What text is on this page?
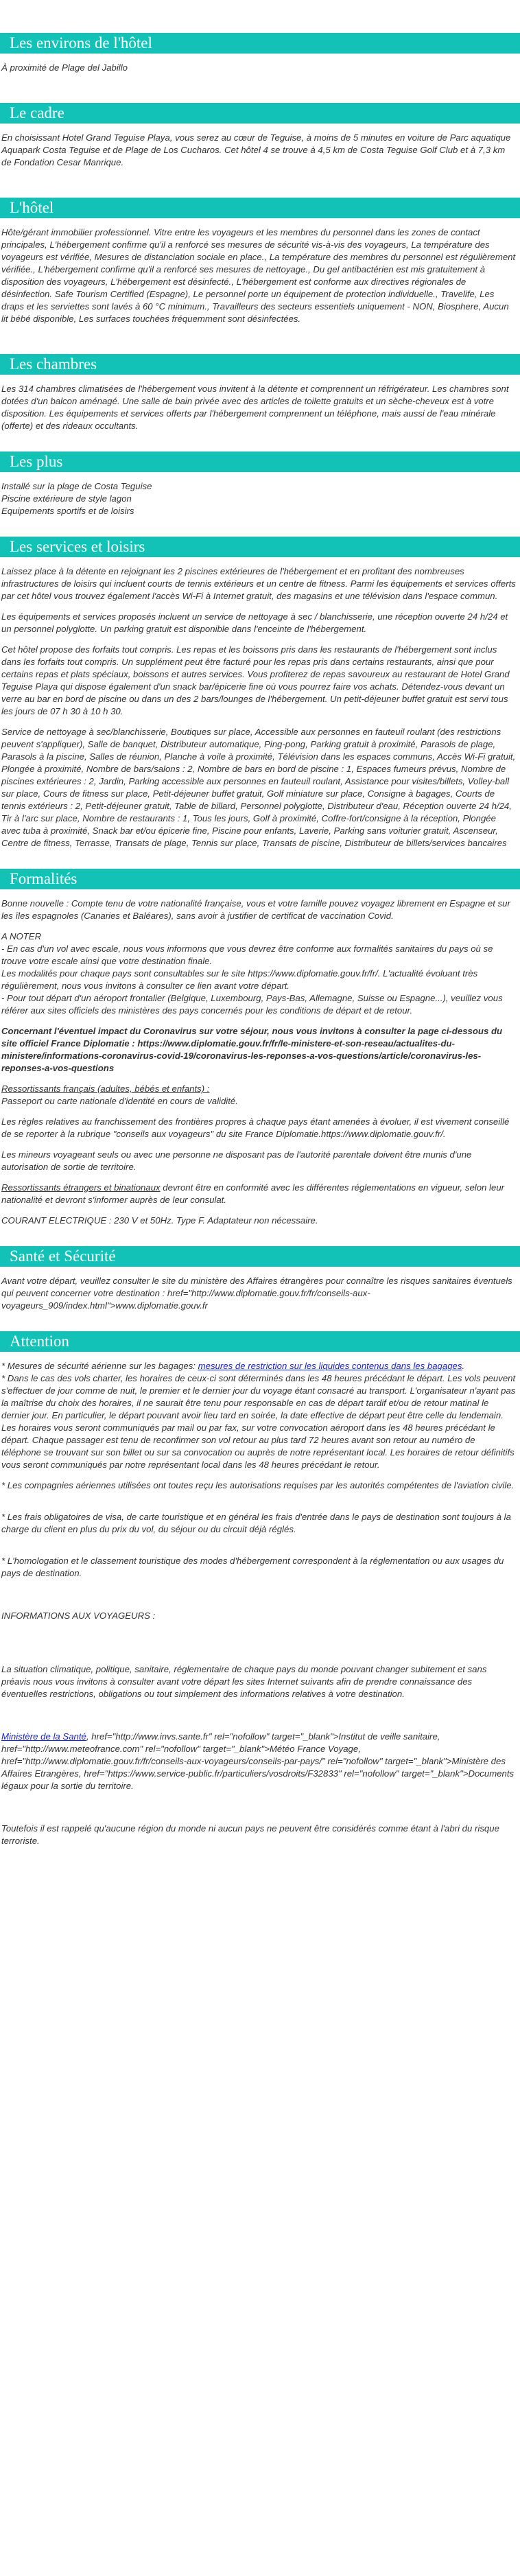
Les environs de l'hôtel

À proximité de Plage del Jabillo

Le cadre

En choisissant Hotel Grand Teguise Playa, vous serez au cœur de Teguise, à moins de 5 minutes en voiture de Parc aquatique Aquapark Costa Teguise et de Plage de Los Cucharos. Cet hôtel 4 se trouve à 4,5 km de Costa Teguise Golf Club et à 7,3 km de Fondation Cesar Manrique.

L'hôtel

Hôte/gérant immobilier professionnel. Vitre entre les voyageurs et les membres du personnel dans les zones de contact principales, L'hébergement confirme qu'il a renforcé ses mesures de sécurité vis-à-vis des voyageurs, La température des voyageurs est vérifiée, Mesures de distanciation sociale en place., La température des membres du personnel est régulièrement vérifiée., L'hébergement confirme qu'il a renforcé ses mesures de nettoyage., Du gel antibactérien est mis gratuitement à disposition des voyageurs, L'hébergement est désinfecté., L'hébergement est conforme aux directives régionales de désinfection. Safe Tourism Certified (Espagne), Le personnel porte un équipement de protection individuelle., Travelife, Les draps et les serviettes sont lavés à 60 °C minimum., Travailleurs des secteurs essentiels uniquement - NON, Biosphere, Aucun lit bébé disponible, Les surfaces touchées fréquemment sont désinfectées.

Les chambres

Les 314 chambres climatisées de l'hébergement vous invitent à la détente et comprennent un réfrigérateur. Les chambres sont dotées d'un balcon aménagé. Une salle de bain privée avec des articles de toilette gratuits et un sèche-cheveux est à votre disposition. Les équipements et services offerts par l'hébergement comprennent un téléphone, mais aussi de l'eau minérale (offerte) et des rideaux occultants.

Les plus
Installé sur la plage de Costa Teguise
Piscine extérieure de style lagon
Equipements sportifs et de loisirs
Les services et loisirs

Laissez place à la détente en rejoignant les 2 piscines extérieures de l'hébergement et en profitant des nombreuses infrastructures de loisirs qui incluent courts de tennis extérieurs et un centre de fitness. Parmi les équipements et services offerts par cet hôtel vous trouvez également l'accès Wi-Fi à Internet gratuit, des magasins et une télévision dans l'espace commun.

Les équipements et services proposés incluent un service de nettoyage à sec / blanchisserie, une réception ouverte 24 h/24 et un personnel polyglotte. Un parking gratuit est disponible dans l'enceinte de l'hébergement.

Cet hôtel propose des forfaits tout compris. Les repas et les boissons pris dans les restaurants de l'hébergement sont inclus dans les forfaits tout compris. Un supplément peut être facturé pour les repas pris dans certains restaurants, ainsi que pour certains repas et plats spéciaux, boissons et autres services. Vous profiterez de repas savoureux au restaurant de Hotel Grand Teguise Playa qui dispose également d'un snack bar/épicerie fine où vous pourrez faire vos achats. Détendez-vous devant un verre au bar en bord de piscine ou dans un des 2 bars/lounges de l'hébergement. Un petit-déjeuner buffet gratuit est servi tous les jours de 07 h 30 à 10 h 30.

Service de nettoyage à sec/blanchisserie, Boutiques sur place, Accessible aux personnes en fauteuil roulant (des restrictions peuvent s'appliquer), Salle de banquet, Distributeur automatique, Ping-pong, Parking gratuit à proximité, Parasols de plage, Parasols à la piscine, Salles de réunion, Planche à voile à proximité, Télévision dans les espaces communs, Accès Wi-Fi gratuit, Plongée à proximité, Nombre de bars/salons : 2, Nombre de bars en bord de piscine : 1, Espaces fumeurs prévus, Nombre de piscines extérieures : 2, Jardin, Parking accessible aux personnes en fauteuil roulant, Assistance pour visites/billets, Volley-ball sur place, Cours de fitness sur place, Petit-déjeuner buffet gratuit, Golf miniature sur place, Consigne à bagages, Courts de tennis extérieurs : 2, Petit-déjeuner gratuit, Table de billard, Personnel polyglotte, Distributeur d'eau, Réception ouverte 24 h/24, Tir à l'arc sur place, Nombre de restaurants : 1, Tous les jours, Golf à proximité, Coffre-fort/consigne à la réception, Plongée avec tuba à proximité, Snack bar et/ou épicerie fine, Piscine pour enfants, Laverie, Parking sans voiturier gratuit, Ascenseur, Centre de fitness, Terrasse, Transats de plage, Tennis sur place, Transats de piscine, Distributeur de billets/services bancaires

Formalités

Bonne nouvelle : Compte tenu de votre nationalité française, vous et votre famille pouvez voyagez librement en Espagne et sur les îles espagnoles (Canaries et Baléares), sans avoir à justifier de certificat de vaccination Covid.

A NOTER
- En cas d'un vol avec escale, nous vous informons que vous devrez être conforme aux formalités sanitaires du pays où se trouve votre escale ainsi que votre destination finale.
Les modalités pour chaque pays sont consultables sur le site https://www.diplomatie.gouv.fr/fr/. L'actualité évoluant très régulièrement, nous vous invitons à consulter ce lien avant votre départ.
- Pour tout départ d'un aéroport frontalier (Belgique, Luxembourg, Pays-Bas, Allemagne, Suisse ou Espagne...), veuillez vous référer aux sites officiels des ministères des pays concernés pour les conditions de départ et de retour.

Concernant l'éventuel impact du Coronavirus sur votre séjour, nous vous invitons à consulter la page ci-dessous du site officiel France Diplomatie : https://www.diplomatie.gouv.fr/fr/le-ministere-et-son-reseau/actualites-du-ministere/informations-coronavirus-covid-19/coronavirus-les-reponses-a-vos-questions/article/coronavirus-les-reponses-a-vos-questions

Ressortissants français (adultes, bébés et enfants) :
Passeport ou carte nationale d'identité en cours de validité.

Les règles relatives au franchissement des frontières propres à chaque pays étant amenées à évoluer, il est vivement conseillé de se reporter à la rubrique "conseils aux voyageurs" du site France Diplomatie.https://www.diplomatie.gouv.fr/.

Les mineurs voyageant seuls ou avec une personne ne disposant pas de l'autorité parentale doivent être munis d'une autorisation de sortie de territoire.

Ressortissants étrangers et binationaux devront être en conformité avec les différentes réglementations en vigueur, selon leur nationalité et devront s'informer auprès de leur consulat.

COURANT ELECTRIQUE : 230 V et 50Hz. Type F. Adaptateur non nécessaire.

Santé et Sécurité

Avant votre départ, veuillez consulter le site du ministère des Affaires étrangères pour connaître les risques sanitaires éventuels qui peuvent concerner votre destination : href="http://www.diplomatie.gouv.fr/fr/conseils-aux-voyageurs_909/index.html">www.diplomatie.gouv.fr

Attention

* Mesures de sécurité aérienne sur les bagages: mesures de restriction sur les liquides contenus dans les bagages.

* Dans le cas des vols charter, les horaires de ceux-ci sont déterminés dans les 48 heures précédant le départ. Les vols peuvent s'effectuer de jour comme de nuit, le premier et le dernier jour du voyage étant consacré au transport. L'organisateur n'ayant pas la maîtrise du choix des horaires, il ne saurait être tenu pour responsable en cas de départ tardif et/ou de retour matinal le dernier jour. En particulier, le départ pouvant avoir lieu tard en soirée, la date effective de départ peut être celle du lendemain. Les horaires vous seront communiqués par mail ou par fax, sur votre convocation aéroport dans les 48 heures précédant le départ. Chaque passager est tenu de reconfirmer son vol retour au plus tard 72 heures avant son retour au numéro de téléphone se trouvant sur son billet ou sur sa convocation ou auprès de notre représentant local. Les horaires de retour définitifs vous seront communiqués par notre représentant local dans les 48 heures précédant le retour.

* Les compagnies aériennes utilisées ont toutes reçu les autorisations requises par les autorités compétentes de l'aviation civile.

* Les frais obligatoires de visa, de carte touristique et en général les frais d'entrée dans le pays de destination sont toujours à la charge du client en plus du prix du vol, du séjour ou du circuit déjà réglés.

* L'homologation et le classement touristique des modes d'hébergement correspondent à la réglementation ou aux usages du pays de destination.

INFORMATIONS AUX VOYAGEURS :

La situation climatique, politique, sanitaire, réglementaire de chaque pays du monde pouvant changer subitement et sans préavis nous vous invitons à consulter avant votre départ les sites Internet suivants afin de prendre connaissance des éventuelles restrictions, obligations ou tout simplement des informations relatives à votre destination.

Ministère de la Santé, href="http://www.invs.sante.fr" rel="nofollow" target="_blank">Institut de veille sanitaire, href="http://www.meteofrance.com" rel="nofollow" target="_blank">Météo France Voyage, href="http://www.diplomatie.gouv.fr/fr/conseils-aux-voyageurs/conseils-par-pays/" rel="nofollow" target="_blank">Ministère des Affaires Etrangères, href="https://www.service-public.fr/particuliers/vosdroits/F32833" rel="nofollow" target="_blank">Documents légaux pour la sortie du territoire.

Toutefois il est rappelé qu'aucune région du monde ni aucun pays ne peuvent être considérés comme étant à l'abri du risque terroriste.
